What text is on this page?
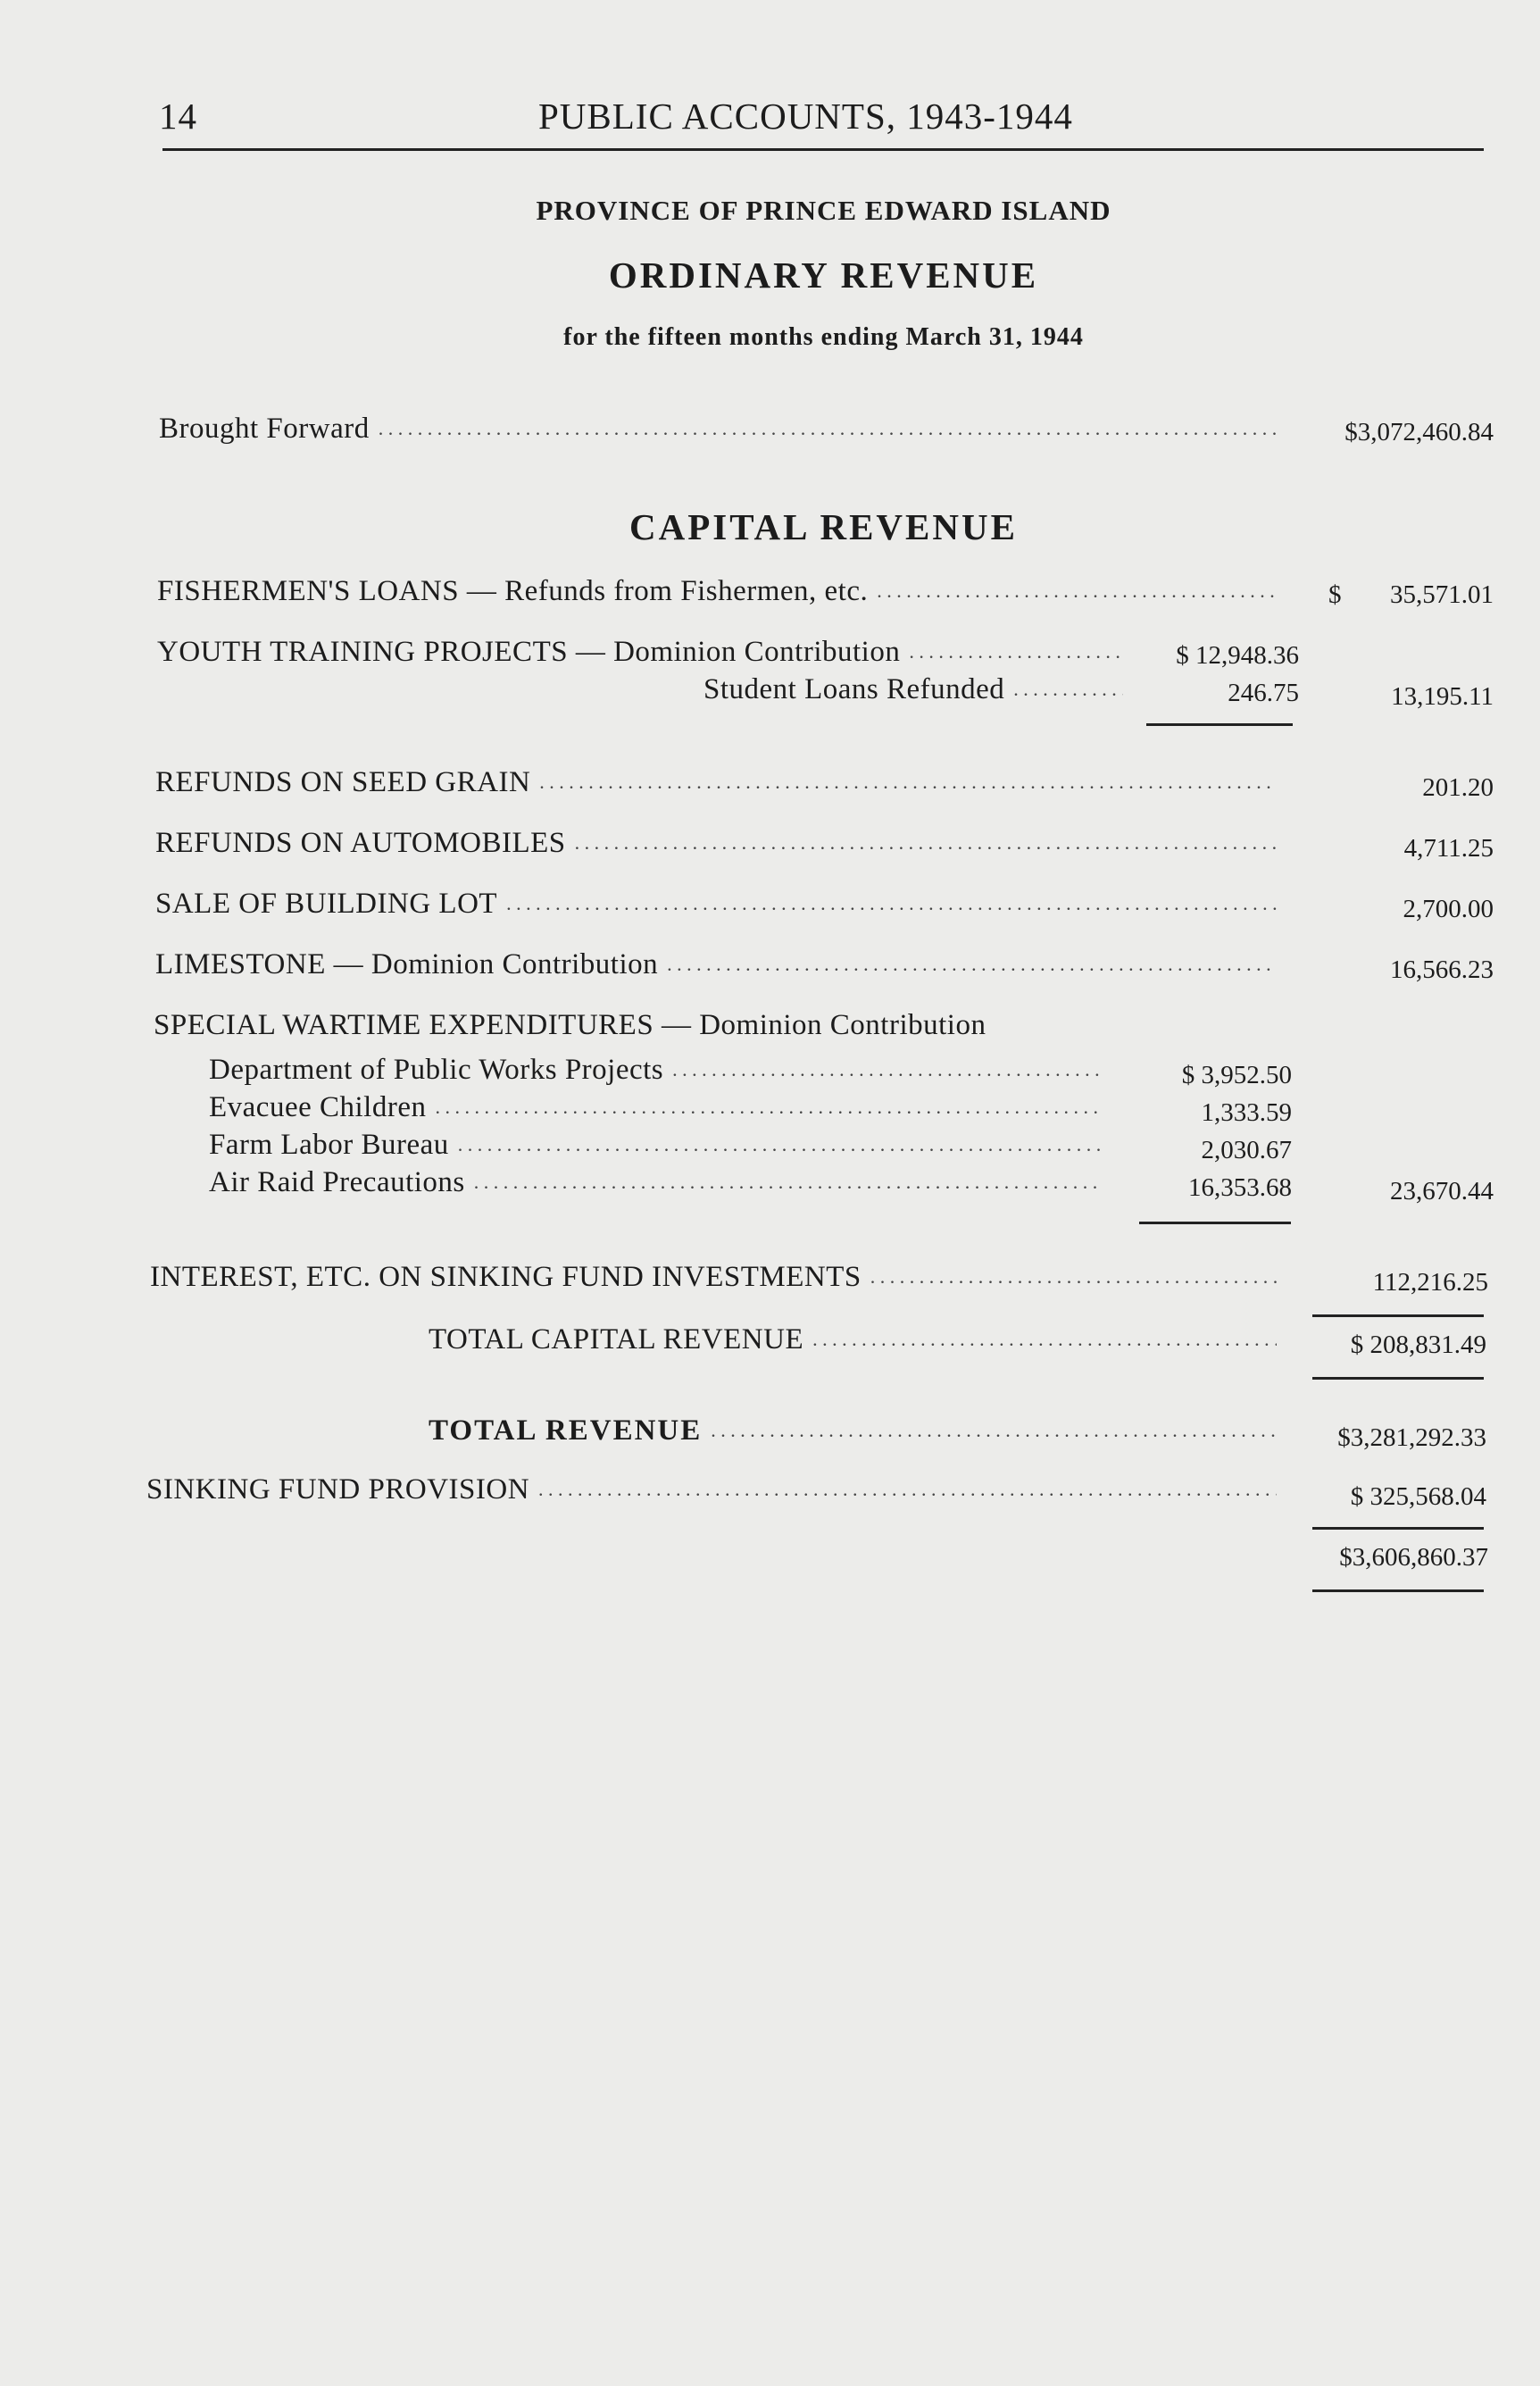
14	PUBLIC ACCOUNTS, 1943-1944
PROVINCE OF PRINCE EDWARD ISLAND
ORDINARY REVENUE
for the fifteen months ending March 31, 1944
Brought Forward . . .	$3,072,460.84
CAPITAL REVENUE
FISHERMEN'S LOANS — Refunds from Fishermen, etc. . . .	$ 35,571.01
YOUTH TRAINING PROJECTS — Dominion Contribution . . .	$ 12,948.36
Student Loans Refunded . . .	246.75	13,195.11
REFUNDS ON SEED GRAIN . . .	201.20
REFUNDS ON AUTOMOBILES . . .	4,711.25
SALE OF BUILDING LOT . . .	2,700.00
LIMESTONE — Dominion Contribution . . .	16,566.23
SPECIAL WARTIME EXPENDITURES — Dominion Contribution
Department of Public Works Projects . . .	$ 3,952.50
Evacuee Children . . .	1,333.59
Farm Labor Bureau . . .	2,030.67
Air Raid Precautions . . .	16,353.68	23,670.44
INTEREST, ETC. ON SINKING FUND INVESTMENTS . . .	112,216.25
TOTAL CAPITAL REVENUE . . .	$ 208,831.49
TOTAL REVENUE . . .	$3,281,292.33
SINKING FUND PROVISION . . .	$ 325,568.04
$3,606,860.37
